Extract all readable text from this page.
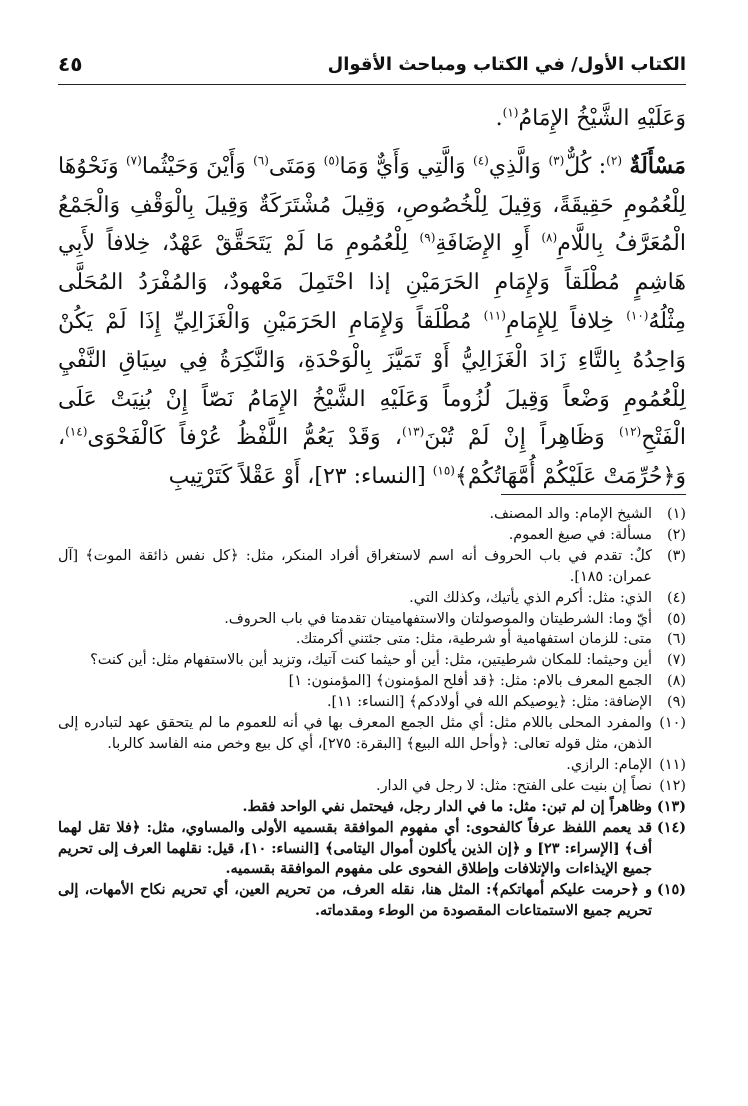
٤٥	الكتاب الأول/ في الكتاب ومباحث الأقوال

وَعَلَيْهِ الشَّيْخُ الإِمَامُ$^{(١)}$.

مَسْأَلَةٌ $^{(٢)}$: كُلٌّ$^{(٣)}$ وَالَّذِي$^{(٤)}$ وَالَّتِي وَأَيٌّ وَمَا$^{(٥)}$ وَمَتَى$^{(٦)}$ وَأَيْنَ وَحَيْثُما$^{(٧)}$ وَنَحْوُهَا لِلْعُمُومِ حَقِيقَةً، وَقِيلَ لِلْخُصُوصِ، وَقِيلَ مُشْتَرَكَةٌ وَقِيلَ بِالْوَقْفِ وَالْجَمْعُ الْمُعَرَّفُ بِاللَّامِ$^{(٨)}$ أَوِ الإِضَافَةِ$^{(٩)}$ لِلْعُمُومِ مَا لَمْ يَتَحَقَّقْ عَهْدٌ، خِلافاً لأَبِي هَاشِمٍ مُطْلَقاً وَلإِمَامِ الحَرَمَيْنِ إذا احْتَمِلَ مَعْهودٌ، وَالمُفْرَدُ المُحَلَّى مِثْلُهُ$^{(١٠)}$ خِلافاً لِلإِمَامِ$^{(١١)}$ مُطْلَقاً وَلإِمَامِ الحَرَمَيْنِ وَالْغَزَالِيِّ إِذَا لَمْ يَكُنْ وَاحِدُهُ بِالتَّاءِ زَادَ الْغَزَالِيُّ أَوْ تَمَيَّزَ بِالْوَحْدَةِ، وَالنَّكِرَةُ فِي سِيَاقِ النَّفْيِ لِلْعُمُومِ وَضْعاً وَقِيلَ لُزُوماً وَعَلَيْهِ الشَّيْخُ الإِمَامُ نَصّاً إِنْ بُنِيَتْ عَلَى الْفَتْحِ$^{(١٢)}$ وَظَاهِراً إِنْ لَمْ تُبْنَ$^{(١٣)}$، وَقَدْ يَعُمُّ اللَّفْظُ عُرْفاً كَالْفَحْوَى$^{(١٤)}$، وَ﴿حُرِّمَتْ عَلَيْكُمْ أُمَّهَاتُكُمْ﴾$^{(١٥)}$ [النساء: ٢٣]، أَوْ عَقْلاً كَتَرْتِيبِ

(١)
الشيخ الإمام: والد المصنف.
(٢)
مسألة: في صيغ العموم.
(٣)
كلٌ: تقدم في باب الحروف أنه اسم لاستغراق أفراد المنكر، مثل: ﴿كل نفس ذائقة الموت﴾ [آل عمران: ١٨٥].
(٤)
الذي: مثل: أكرم الذي يأتيك، وكذلك التي.
(٥)
أيّ وما: الشرطيتان والموصولتان والاستفهاميتان تقدمتا في باب الحروف.
(٦)
متى: للزمان استفهامية أو شرطية، مثل: متى جئتني أكرمتك.
(٧)
أين وحيثما: للمكان شرطيتين، مثل: أين أو حيثما كنت آتيك، وتزيد أين بالاستفهام مثل: أين كنت؟
(٨)
الجمع المعرف بالام: مثل: ﴿قد أفلح المؤمنون﴾ [المؤمنون: ١]
(٩)
الإضافة: مثل: ﴿يوصيكم الله في أولادكم﴾ [النساء: ١١].
(١٠)
والمفرد المحلى باللام مثل: أي مثل الجمع المعرف بها في أنه للعموم ما لم يتحقق عهد لتبادره إلى الذهن، مثل قوله تعالى: ﴿وأحل الله البيع﴾ [البقرة: ٢٧٥]، أي كل بيع وخص منه الفاسد كالربا.
(١١)
الإمام: الرازي.
(١٢)
نصاً إن بنيت على الفتح: مثل: لا رجل في الدار.
(١٣)
وظاهراً إن لم تبن: مثل: ما في الدار رجل، فيحتمل نفي الواحد فقط.
(١٤)
قد يعمم اللفظ عرفاً كالفحوى: أي مفهوم الموافقة بقسميه الأولى والمساوي، مثل: ﴿فلا تقل لهما أف﴾ [الإسراء: ٢٣] و ﴿إن الذين يأكلون أموال اليتامى﴾ [النساء: ١٠]، قيل: نقلهما العرف إلى تحريم جميع الإيذاءات والإتلافات وإطلاق الفحوى على مفهوم الموافقة بقسميه.
(١٥)
و ﴿حرمت عليكم أمهاتكم﴾: المثل هنا، نقله العرف، من تحريم العين، أي تحريم نكاح الأمهات، إلى تحريم جميع الاستمتاعات المقصودة من الوطء ومقدماته.
